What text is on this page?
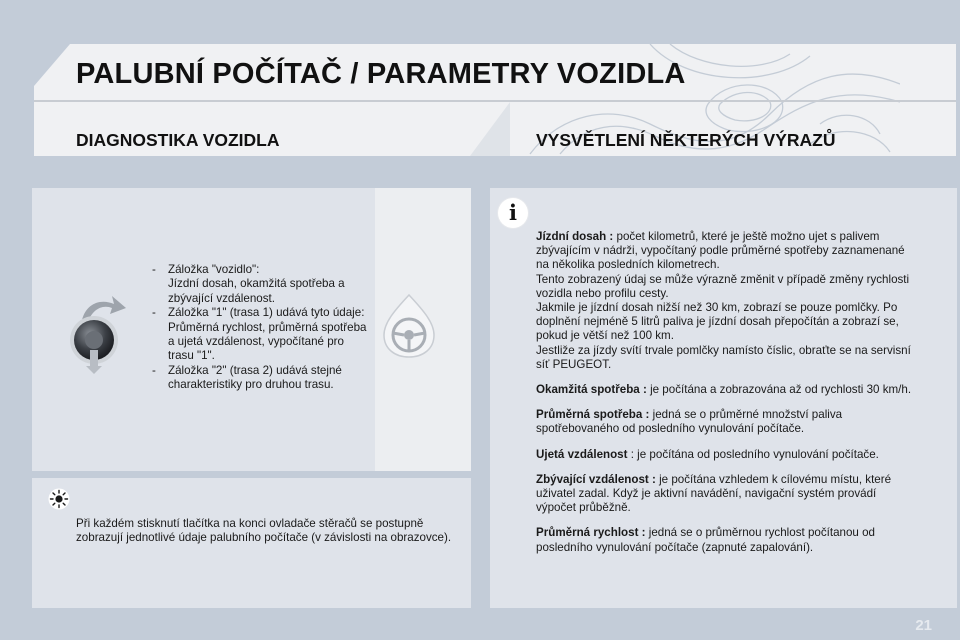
PALUBNÍ POČÍTAČ / PARAMETRY VOZIDLA
DIAGNOSTIKA VOZIDLA	VYSVĚTLENÍ NĚKTERÝCH VÝRAZŮ
- Záložka "vozidlo":
Jízdní dosah, okamžitá spotřeba a zbývající vzdálenost.
- Záložka "1" (trasa 1) udává tyto údaje:
Průměrná rychlost, průměrná spotřeba a ujetá vzdálenost, vypočítané pro trasu "1".
- Záložka "2" (trasa 2) udává stejné charakteristiky pro druhou trasu.

Při každém stisknutí tlačítka na konci ovladače stěračů se postupně zobrazují jednotlivé údaje palubního počítače (v závislosti na obrazovce).

i

Jízdní dosah : počet kilometrů, které je ještě možno ujet s palivem zbývajícím v nádrži, vypočítaný podle průměrné spotřeby zaznamenané na několika posledních kilometrech.
Tento zobrazený údaj se může výrazně změnit v případě změny rychlosti vozidla nebo profilu cesty.
Jakmile je jízdní dosah nižší než 30 km, zobrazí se pouze pomlčky. Po doplnění nejméně 5 litrů paliva je jízdní dosah přepočítán a zobrazí se, pokud je větší než 100 km.
Jestliže za jízdy svítí trvale pomlčky namísto číslic, obraťte se na servisní síť PEUGEOT.

Okamžitá spotřeba : je počítána a zobrazována až od rychlosti 30 km/h.

Průměrná spotřeba : jedná se o průměrné množství paliva spotřebovaného od posledního vynulování počítače.

Ujetá vzdálenost : je počítána od posledního vynulování počítače.

Zbývající vzdálenost : je počítána vzhledem k cílovému místu, které uživatel zadal. Když je aktivní navádění, navigační systém provádí výpočet průběžně.

Průměrná rychlost : jedná se o průměrnou rychlost počítanou od posledního vynulování počítače (zapnuté zapalování).

21
